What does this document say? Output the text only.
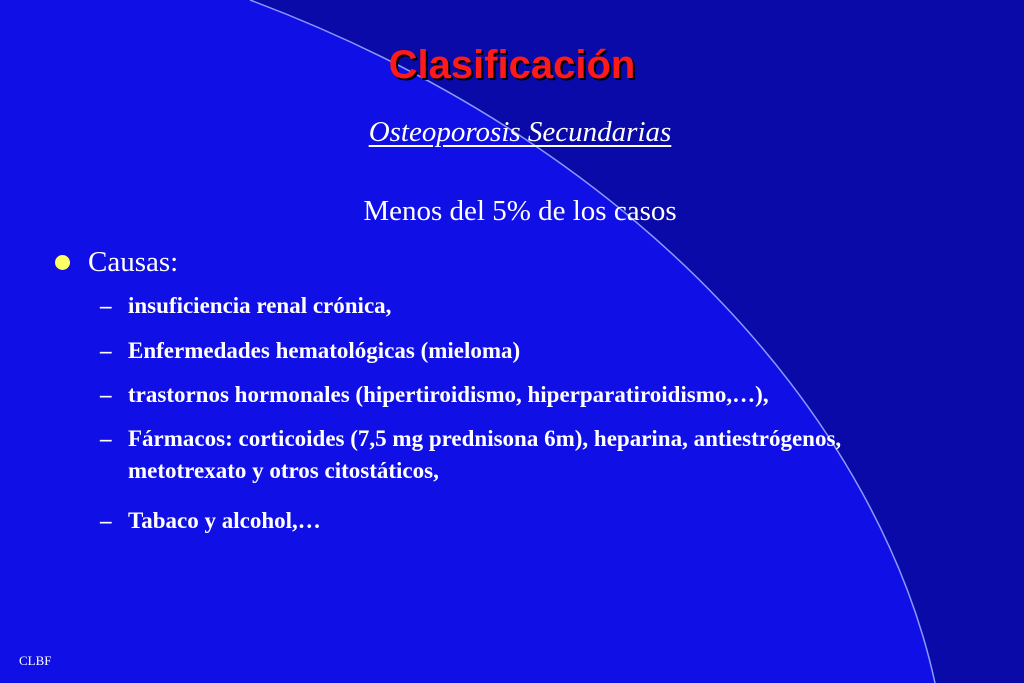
Clasificación
Osteoporosis Secundarias
Menos del 5% de los casos
Causas:
– insuficiencia renal crónica,
– Enfermedades hematológicas (mieloma)
– trastornos hormonales (hipertiroidismo, hiperparatiroidismo,…),
– Fármacos: corticoides (7,5 mg prednisona 6m), heparina, antiestrógenos, metotrexato y otros citostáticos,
– Tabaco y alcohol,…
CLBF
